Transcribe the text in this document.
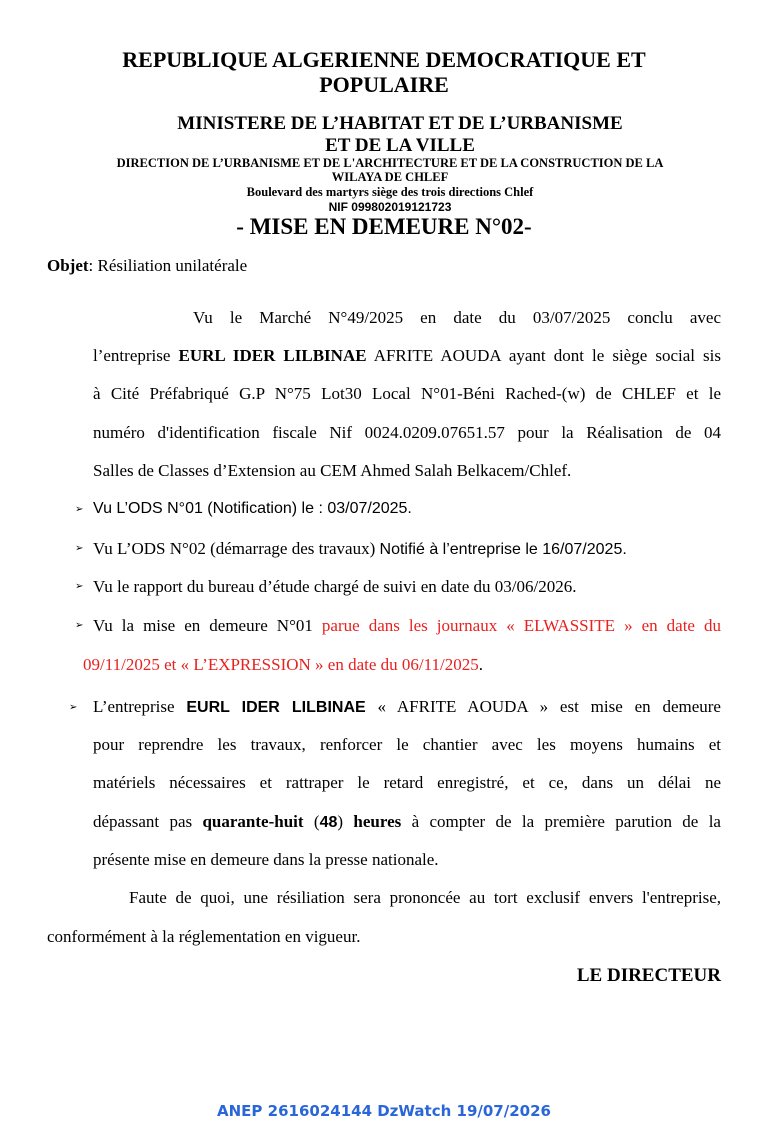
REPUBLIQUE ALGERIENNE DEMOCRATIQUE ET
POPULAIRE
MINISTERE DE L’HABITAT ET DE L’URBANISME
ET DE LA VILLE
DIRECTION DE L’URBANISME ET DE L'ARCHITECTURE ET DE LA CONSTRUCTION DE LA
WILAYA DE CHLEF
Boulevard des martyrs siège des trois directions Chlef
NIF 099802019121723
- MISE EN DEMEURE N°02-
Objet: Résiliation unilatérale
Vu le Marché N°49/2025 en date du 03/07/2025 conclu avec
l’entreprise EURL IDER LILBINAE AFRITE AOUDA ayant dont le siège social sis
à Cité Préfabriqué G.P N°75 Lot30 Local N°01-Béni Rached-(w) de CHLEF et le
numéro d'identification fiscale Nif 0024.0209.07651.57 pour la Réalisation de 04
Salles de Classes d’Extension au CEM Ahmed Salah Belkacem/Chlef.
➢ Vu L’ODS N°01 (Notification) le : 03/07/2025.
➢ Vu L’ODS N°02 (démarrage des travaux) Notifié à l’entreprise le 16/07/2025.
➢ Vu le rapport du bureau d’étude chargé de suivi en date du 03/06/2026.
➢ Vu la mise en demeure N°01 parue dans les journaux « ELWASSITE » en date du
09/11/2025 et « L’EXPRESSION » en date du 06/11/2025.
➢ L’entreprise EURL IDER LILBINAE « AFRITE AOUDA » est mise en demeure
pour reprendre les travaux, renforcer le chantier avec les moyens humains et
matériels nécessaires et rattraper le retard enregistré, et ce, dans un délai ne
dépassant pas quarante-huit (48) heures à compter de la première parution de la
présente mise en demeure dans la presse nationale.
Faute de quoi, une résiliation sera prononcée au tort exclusif envers l'entreprise,
conformément à la réglementation en vigueur.
LE DIRECTEUR
ANEP 2616024144 DzWatch 19/07/2026
